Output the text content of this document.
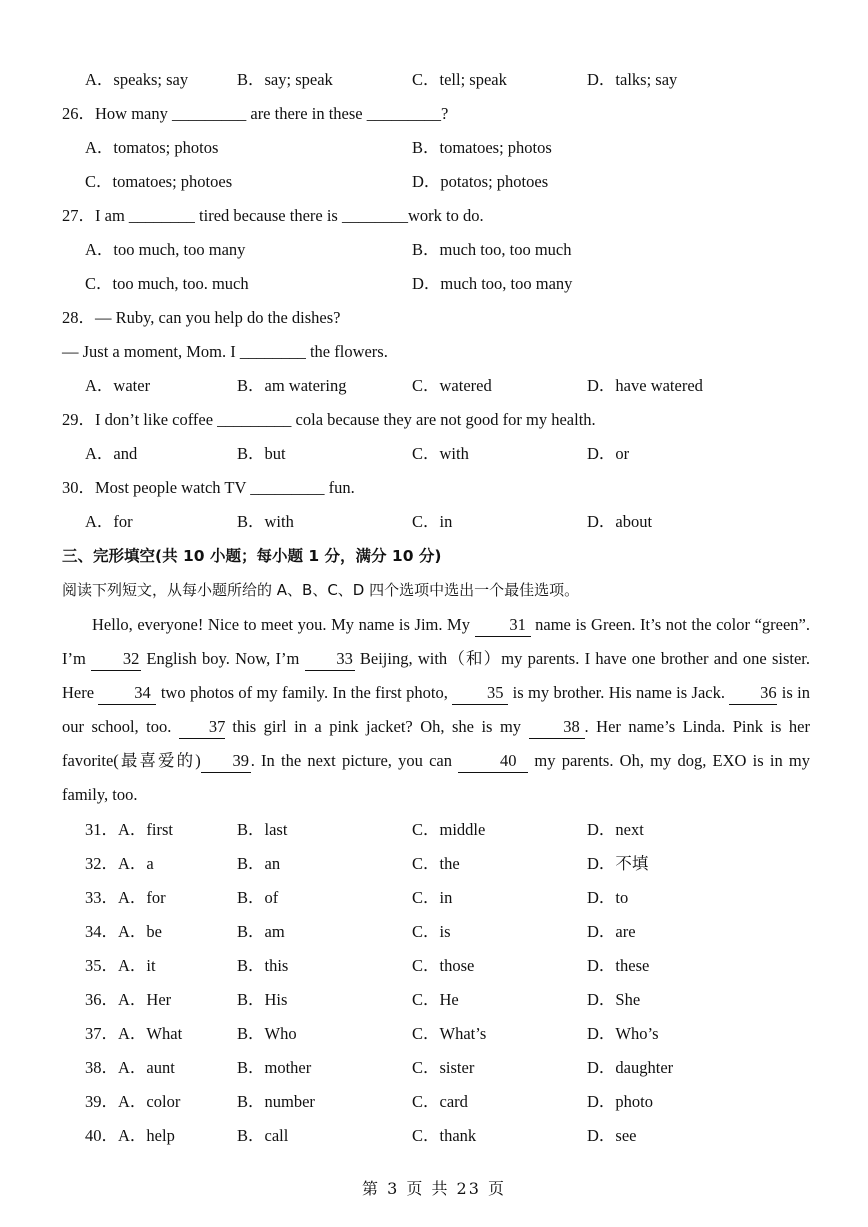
A．speaks; say	B．say; speak	C．tell; speak	D．talks; say
26．How many _________ are there in these _________?
A．tomatos; photos	B．tomatoes; photos
C．tomatoes; photoes	D．potatos; photoes
27．I am ________ tired because there is ________work to do.
A．too much, too many	B．much too, too much
C．too much, too. much	D．much too, too many
28．— Ruby, can you help do the dishes?
— Just a moment, Mom. I ________ the flowers.
A．water	B．am watering	C．watered	D．have watered
29．I don’t like coffee _________ cola because they are not good for my health.
A．and	B．but	C．with	D．or
30．Most people watch TV _________ fun.
A．for	B．with	C．in	D．about
三、完形填空(共 10 小题；每小题 1 分，满分 10 分)
阅读下列短文，从每小题所给的 A、B、C、D 四个选项中选出一个最佳选项。
Hello, everyone! Nice to meet you. My name is Jim. My 31 name is Green. It’s not the color “green”. I’m 32 English boy. Now, I’m 33 Beijing, with（和）my parents. I have one brother and one sister. Here 34 two photos of my family. In the first photo, 35 is my brother. His name is Jack. 36 is in our school, too. 37 this girl in a pink jacket? Oh, she is my	38 . Her name’s Linda. Pink is her favorite(最喜爱的) 39 . In the next picture, you can	40 my parents. Oh, my dog, EXO is in my family, too.
31．A．first	B．last	C．middle	D．next
32．A．a	B．an	C．the	D．不填
33．A．for	B．of	C．in	D．to
34．A．be	B．am	C．is	D．are
35．A．it	B．this	C．those	D．these
36．A．Her	B．His	C．He	D．She
37．A．What	B．Who	C．What’s	D．Who’s
38．A．aunt	B．mother	C．sister	D．daughter
39．A．color	B．number	C．card	D．photo
40．A．help	B．call	C．thank	D．see
第 3 页 共 23 页
